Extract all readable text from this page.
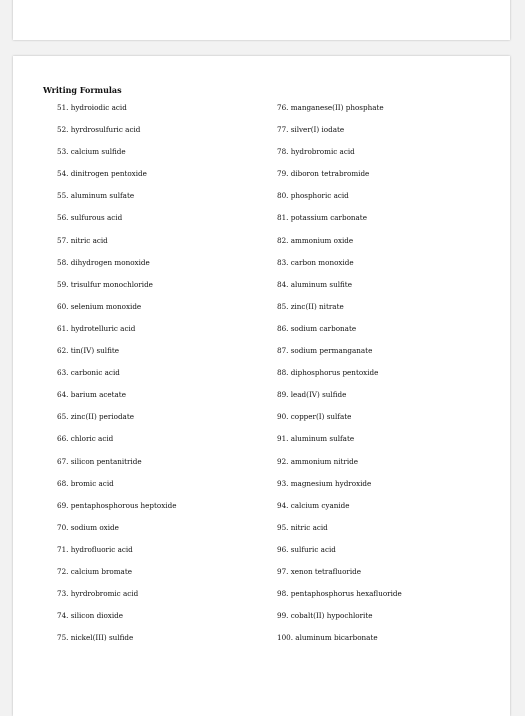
Writing Formulas
51. hydroiodic acid
52. hyrdrosulfuric acid
53. calcium sulfide
54. dinitrogen pentoxide
55. aluminum sulfate
56. sulfurous acid
57. nitric acid
58. dihydrogen monoxide
59. trisulfur monochloride
60. selenium monoxide
61. hydrotelluric acid
62. tin(IV) sulfite
63. carbonic acid
64. barium acetate
65. zinc(II) periodate
66. chloric acid
67. silicon pentanitride
68. bromic acid
69. pentaphosphorous heptoxide
70. sodium oxide
71. hydrofluoric acid
72. calcium bromate
73. hyrdrobromic acid
74. silicon dioxide
75. nickel(III) sulfide
76. manganese(II) phosphate
77. silver(I) iodate
78. hydrobromic acid
79. diboron tetrabromide
80. phosphoric acid
81. potassium carbonate
82. ammonium oxide
83. carbon monoxide
84. aluminum sulfite
85. zinc(II) nitrate
86. sodium carbonate
87. sodium permanganate
88. diphosphorus pentoxide
89. lead(IV) sulfide
90. copper(I) sulfate
91. aluminum sulfate
92. ammonium nitride
93. magnesium hydroxide
94. calcium cyanide
95. nitric acid
96. sulfuric acid
97. xenon tetrafluoride
98. pentaphosphorus hexafluoride
99. cobalt(II) hypochlorite
100. aluminum bicarbonate
